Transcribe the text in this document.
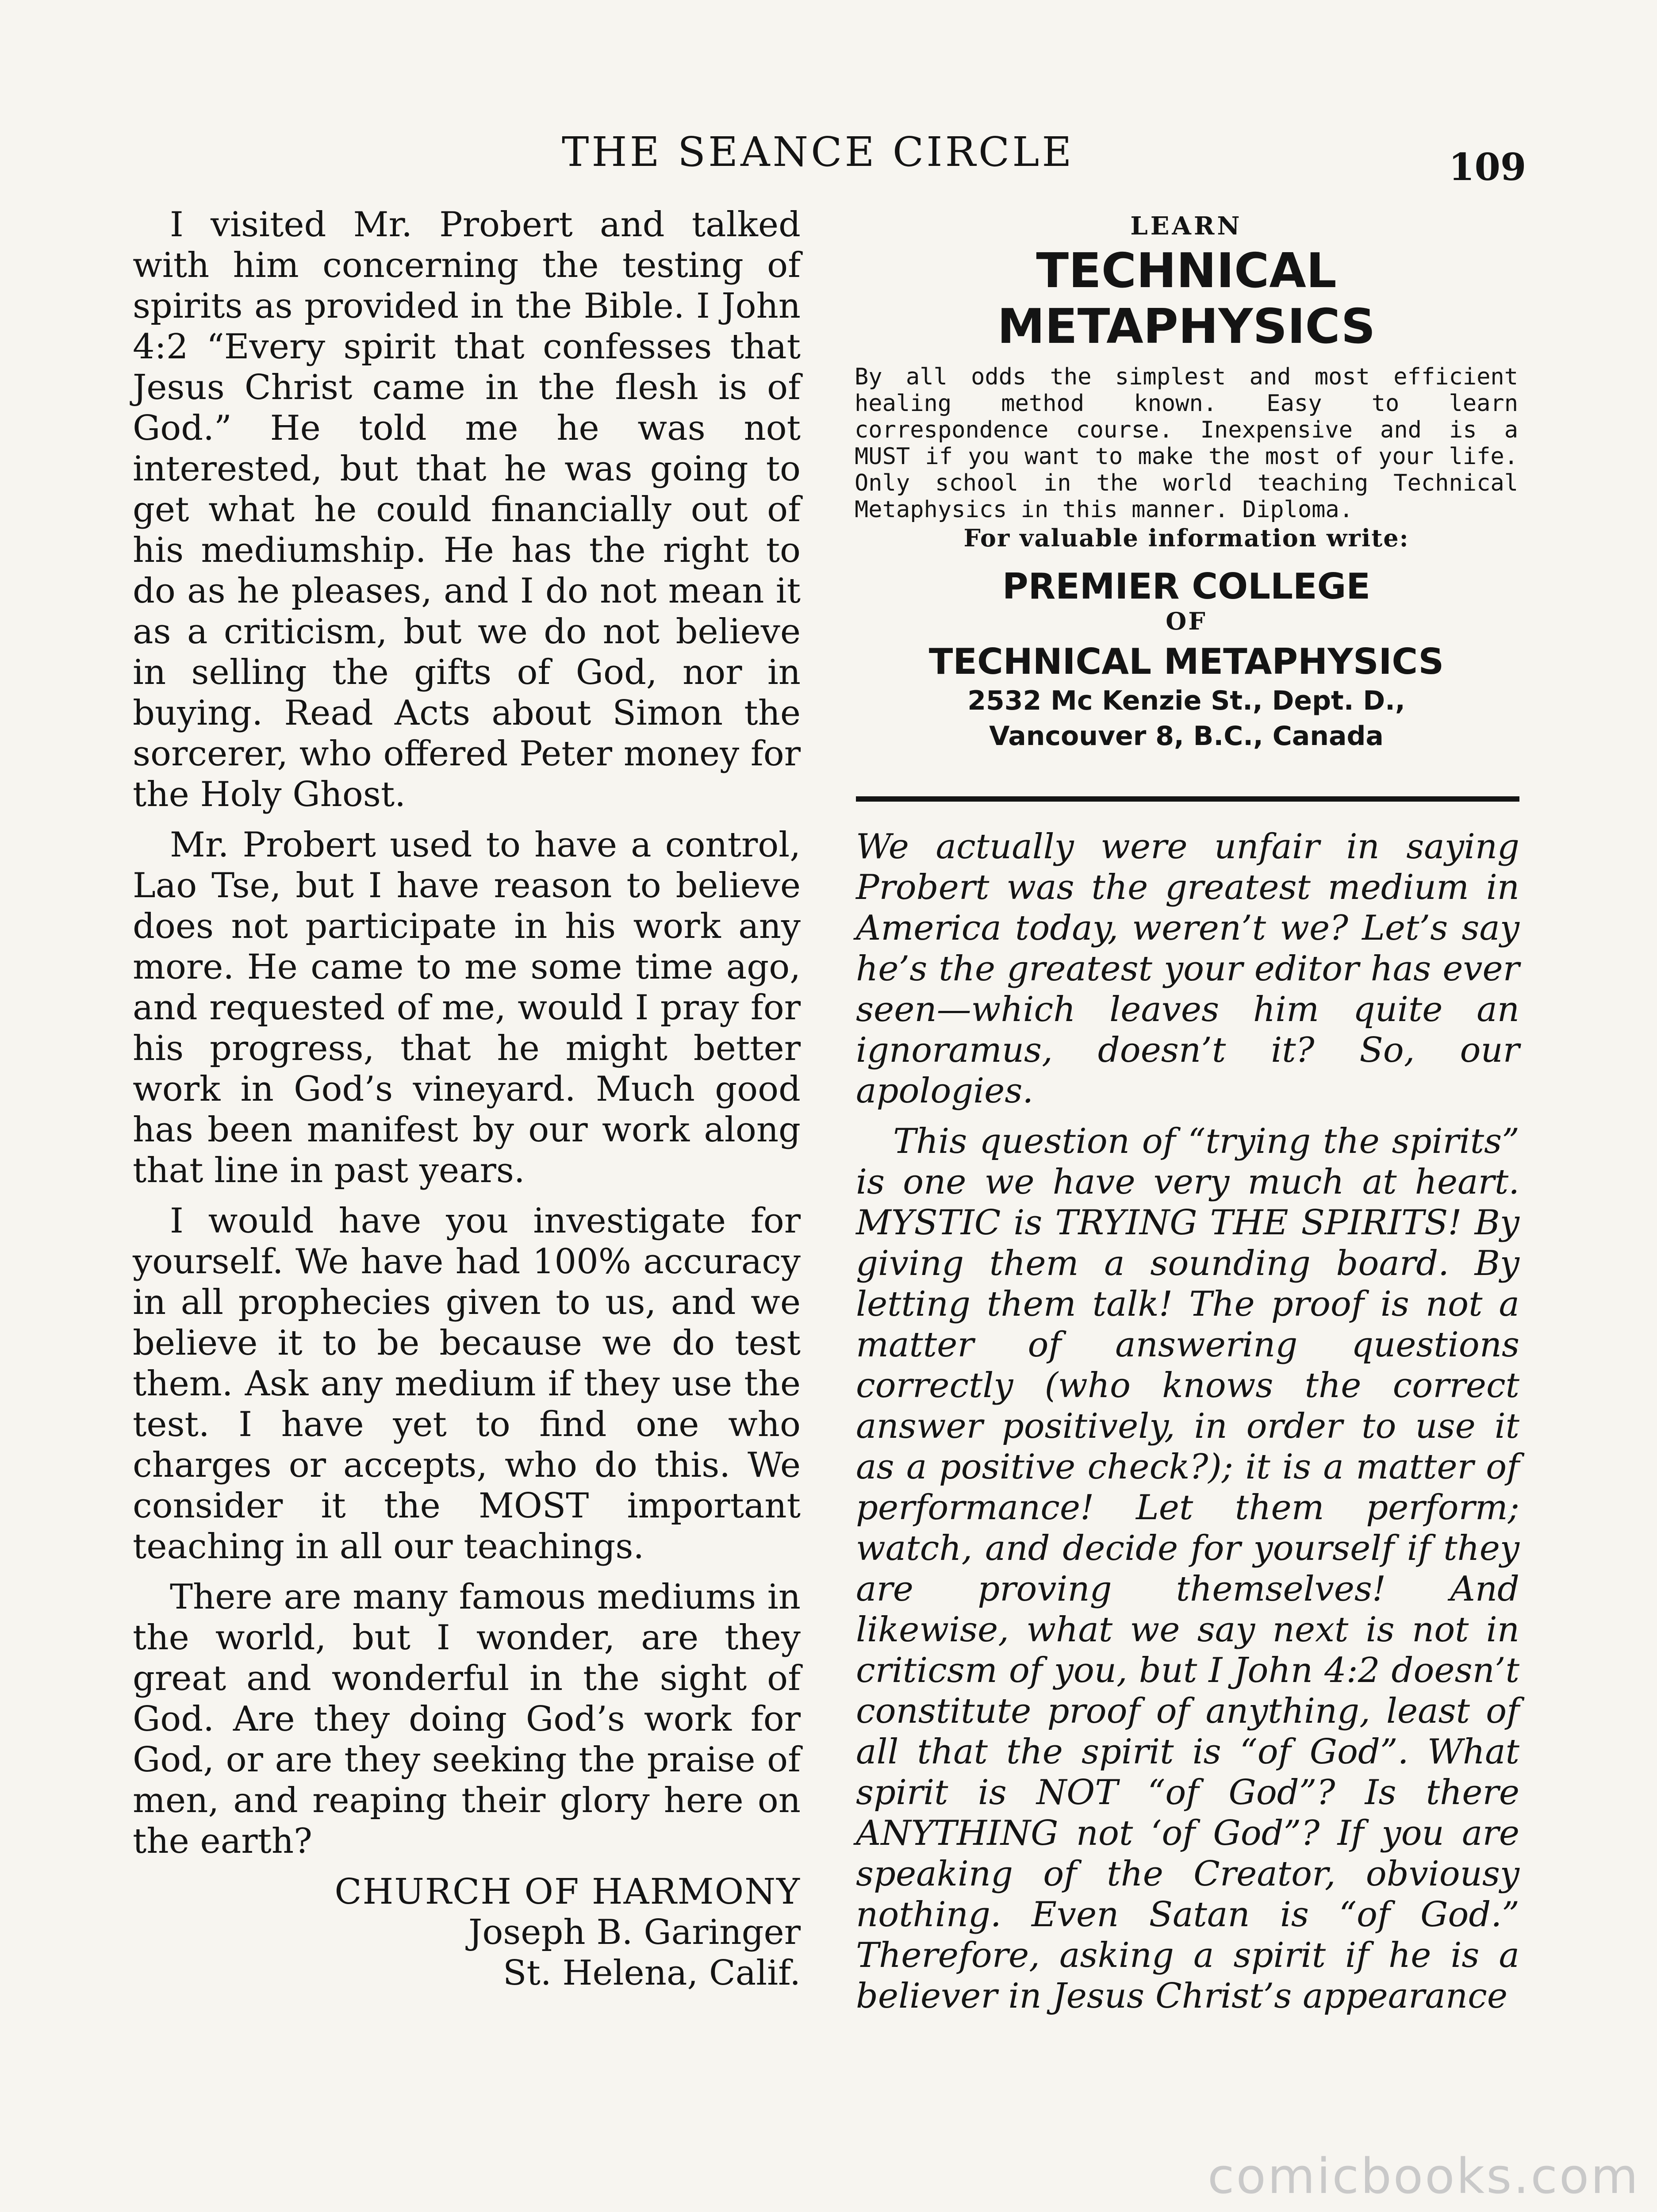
THE SEANCE CIRCLE	109

I visited Mr. Probert and talked with him concerning the testing of spirits as provided in the Bible. I John 4:2 “Every spirit that confesses that Jesus Christ came in the flesh is of God.” He told me he was not interested, but that he was going to get what he could financially out of his mediumship. He has the right to do as he pleases, and I do not mean it as a criticism, but we do not believe in selling the gifts of God, nor in buying. Read Acts about Simon the sorcerer, who offered Peter money for the Holy Ghost.

Mr. Probert used to have a control, Lao Tse, but I have reason to believe does not participate in his work any more. He came to me some time ago, and requested of me, would I pray for his progress, that he might better work in God’s vineyard. Much good has been manifest by our work along that line in past years.

I would have you investigate for yourself. We have had 100% accuracy in all prophecies given to us, and we believe it to be because we do test them. Ask any medium if they use the test. I have yet to find one who charges or accepts, who do this. We consider it the MOST important teaching in all our teachings.

There are many famous mediums in the world, but I wonder, are they great and wonderful in the sight of God. Are they doing God’s work for God, or are they seeking the praise of men, and reaping their glory here on the earth?

CHURCH OF HARMONY
Joseph B. Garinger
St. Helena, Calif.
LEARN
TECHNICAL
METAPHYSICS
By all odds the simplest and most efficient healing method known. Easy to learn correspondence course. Inexpensive and is a MUST if you want to make the most of your life. Only school in the world teaching Technical Metaphysics in this manner. Diploma.
For valuable information write:
PREMIER COLLEGE
OF
TECHNICAL METAPHYSICS
2532 Mc Kenzie St., Dept. D.,
Vancouver 8, B.C., Canada

We actually were unfair in saying Probert was the greatest medium in America today, weren’t we? Let’s say he’s the greatest your editor has ever seen—which leaves him quite an ignoramus, doesn’t it? So, our apologies.

This question of “trying the spirits” is one we have very much at heart. MYSTIC is TRYING THE SPIRITS! By giving them a sounding board. By letting them talk! The proof is not a matter of answering questions correctly (who knows the correct answer positively, in order to use it as a positive check?); it is a matter of performance! Let them perform; watch, and decide for yourself if they are proving themselves! And likewise, what we say next is not in criticsm of you, but I John 4:2 doesn’t constitute proof of anything, least of all that the spirit is “of God”. What spirit is NOT “of God”? Is there ANYTHING not ‘of God”? If you are speaking of the Creator, obviousy nothing. Even Satan is “of God.” Therefore, asking a spirit if he is a believer in Jesus Christ’s appearance

comicbooks.com
